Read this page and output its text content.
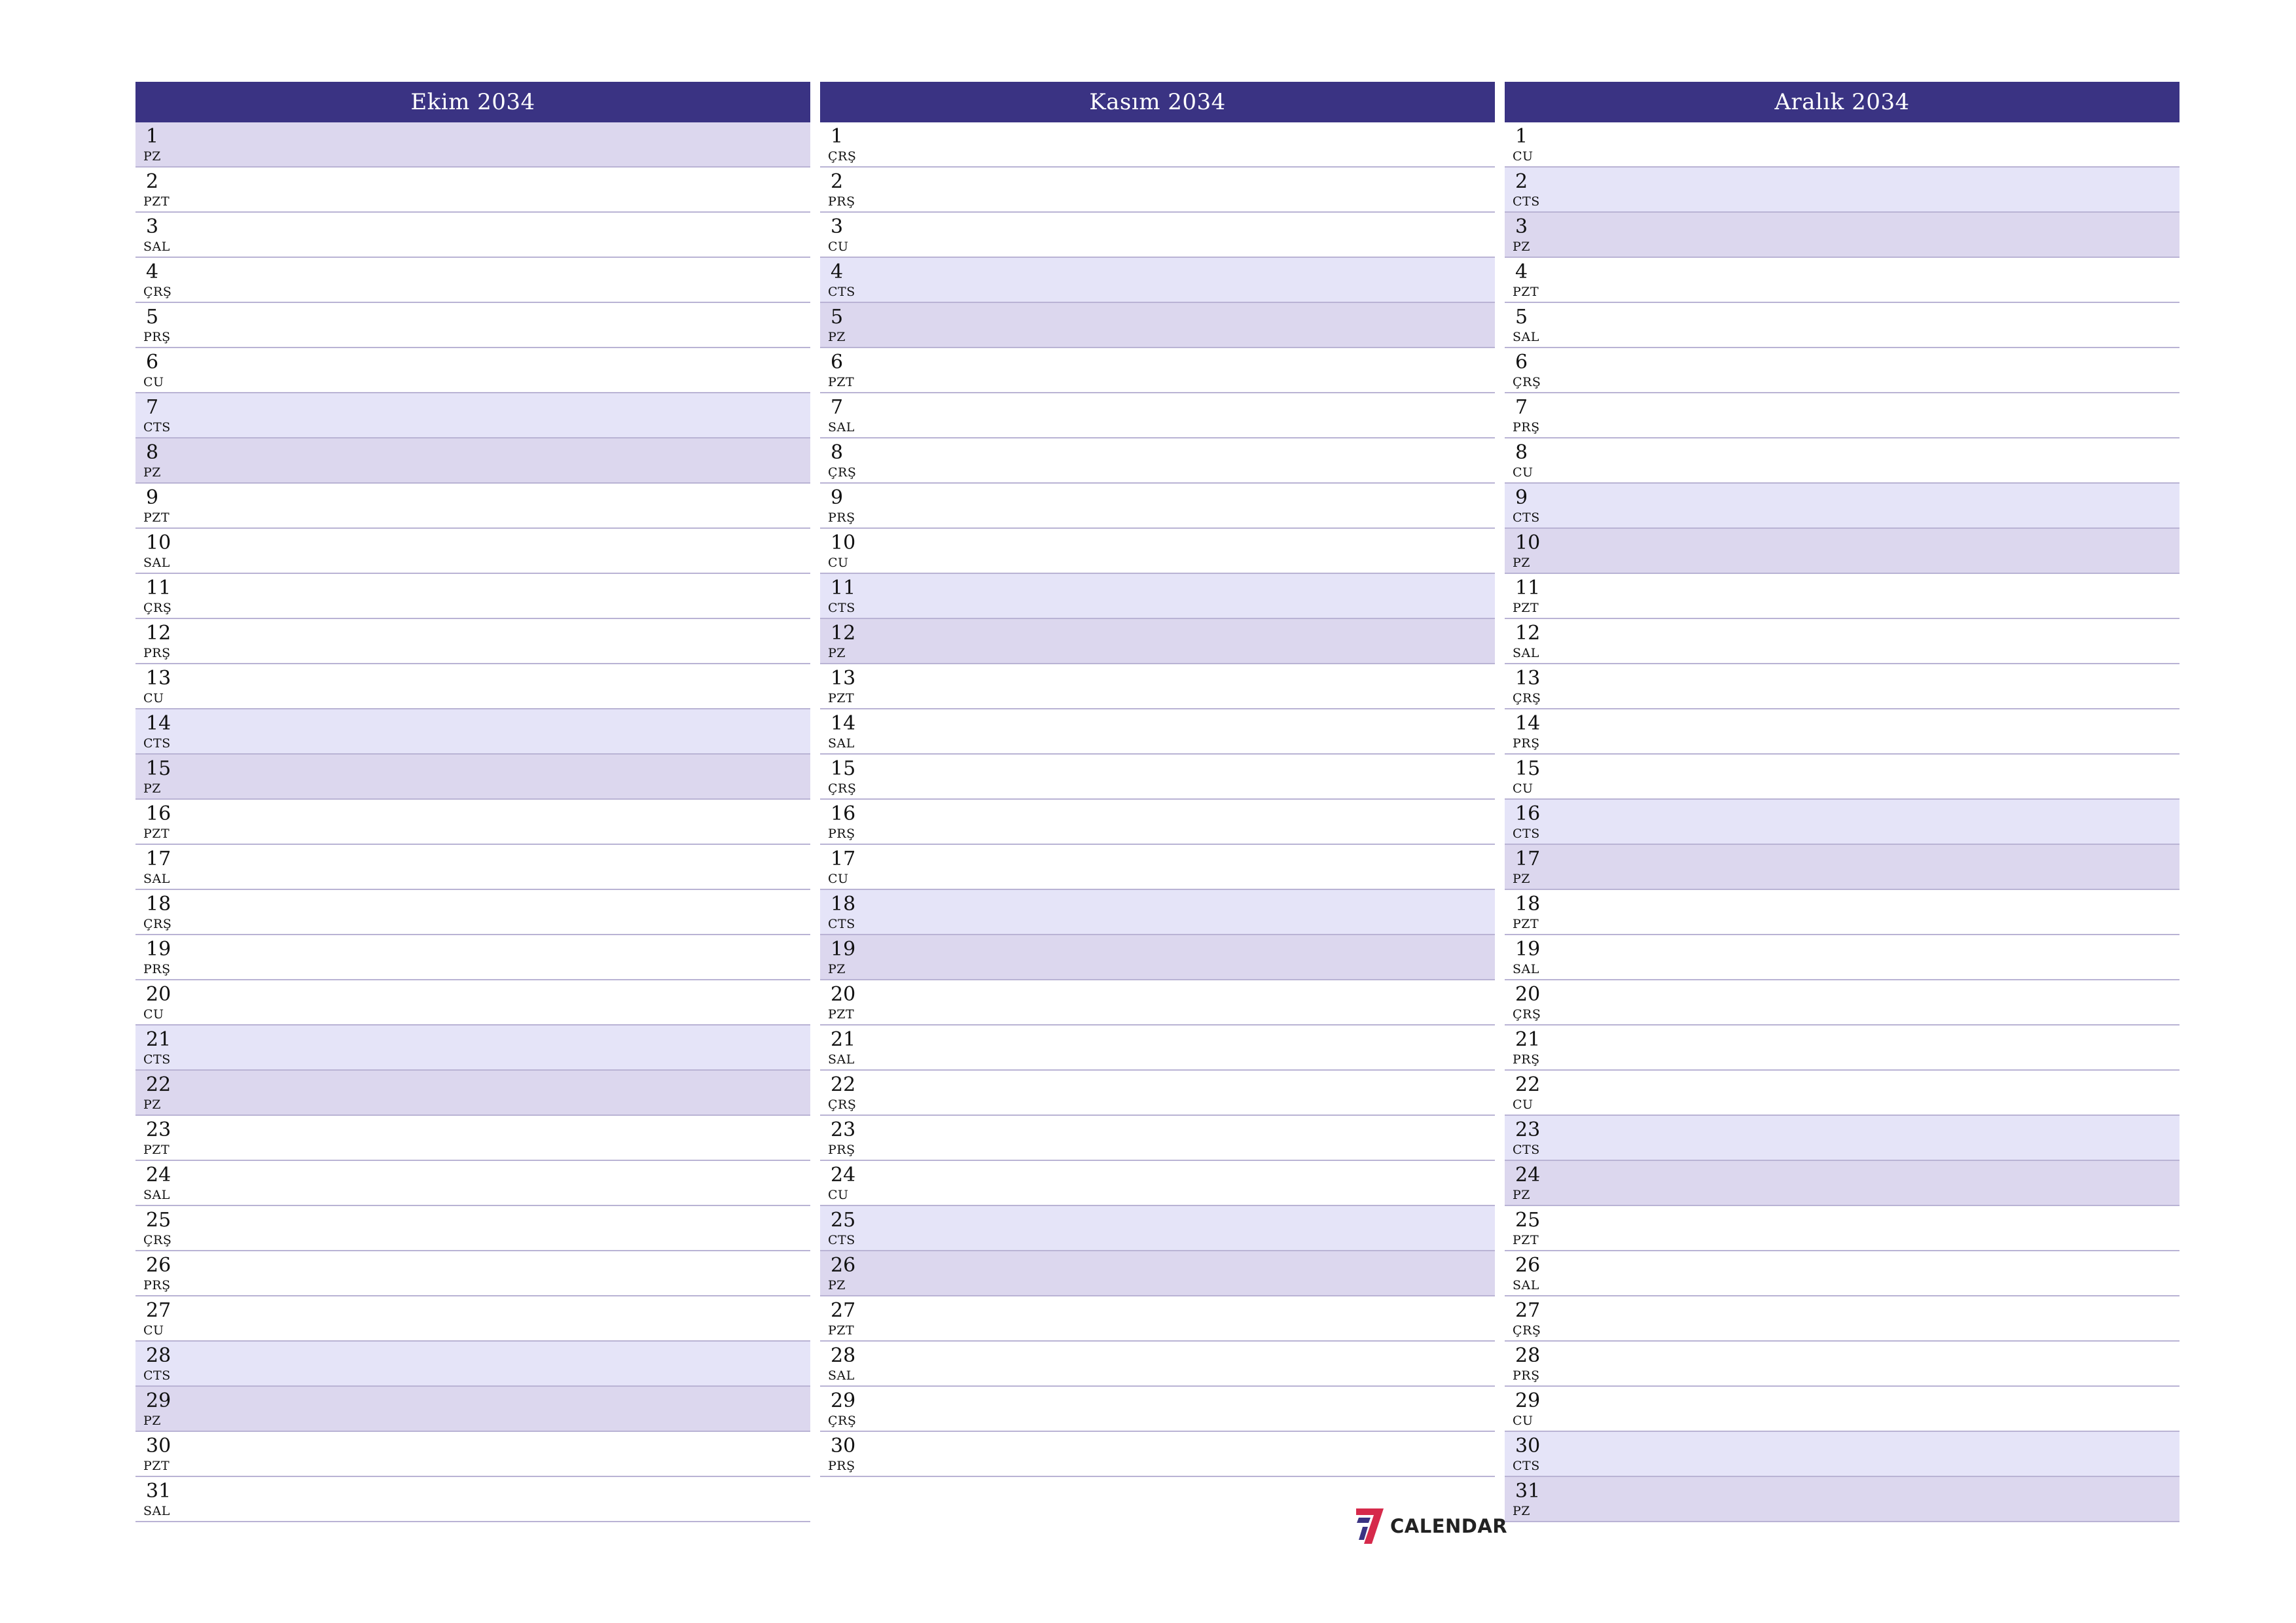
Ekim 2034
1
PZ
2
PZT
3
SAL
4
ÇRŞ
5
PRŞ
6
CU
7
CTS
8
PZ
9
PZT
10
SAL
11
ÇRŞ
12
PRŞ
13
CU
14
CTS
15
PZ
16
PZT
17
SAL
18
ÇRŞ
19
PRŞ
20
CU
21
CTS
22
PZ
23
PZT
24
SAL
25
ÇRŞ
26
PRŞ
27
CU
28
CTS
29
PZ
30
PZT
31
SAL
Kasım 2034
1
ÇRŞ
2
PRŞ
3
CU
4
CTS
5
PZ
6
PZT
7
SAL
8
ÇRŞ
9
PRŞ
10
CU
11
CTS
12
PZ
13
PZT
14
SAL
15
ÇRŞ
16
PRŞ
17
CU
18
CTS
19
PZ
20
PZT
21
SAL
22
ÇRŞ
23
PRŞ
24
CU
25
CTS
26
PZ
27
PZT
28
SAL
29
ÇRŞ
30
PRŞ
Aralık 2034
1
CU
2
CTS
3
PZ
4
PZT
5
SAL
6
ÇRŞ
7
PRŞ
8
CU
9
CTS
10
PZ
11
PZT
12
SAL
13
ÇRŞ
14
PRŞ
15
CU
16
CTS
17
PZ
18
PZT
19
SAL
20
ÇRŞ
21
PRŞ
22
CU
23
CTS
24
PZ
25
PZT
26
SAL
27
ÇRŞ
28
PRŞ
29
CU
30
CTS
31
PZ
CALENDAR
